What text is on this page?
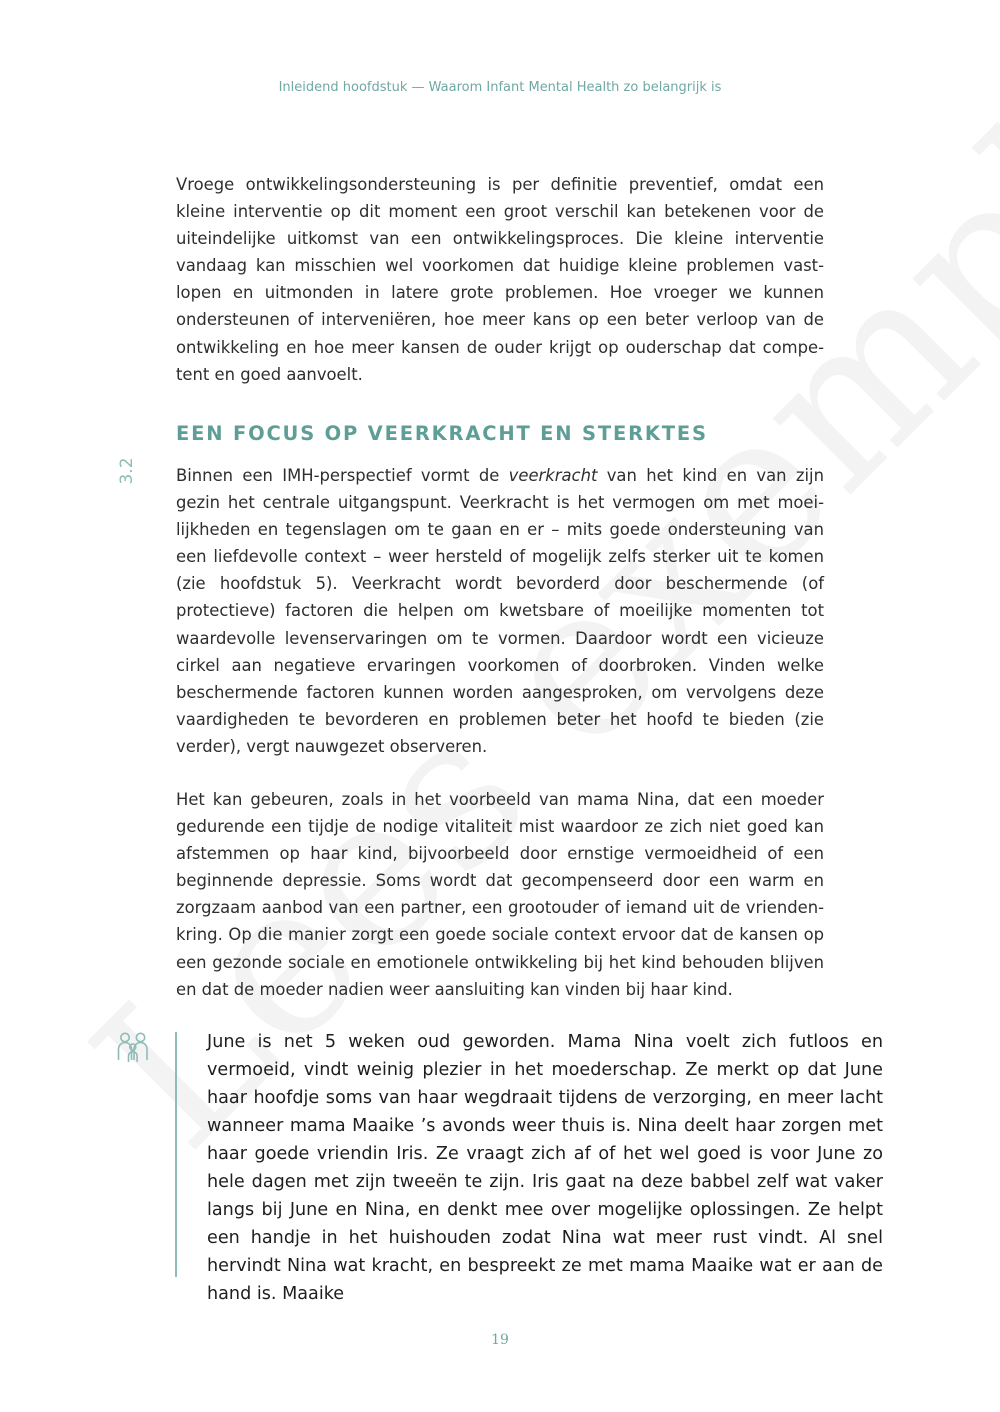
Inleidend hoofdstuk — Waarom Infant Mental Health zo belangrijk is

Vroege ontwikkelingsondersteuning is per definitie preventief, omdat een kleine interventie op dit moment een groot verschil kan betekenen voor de uiteindelijke uitkomst van een ontwikkelingsproces. Die kleine interventie vandaag kan misschien wel voorkomen dat huidige kleine problemen vast-lopen en uitmonden in latere grote problemen. Hoe vroeger we kunnen ondersteunen of interveniëren, hoe meer kans op een beter verloop van de ontwikkeling en hoe meer kansen de ouder krijgt op ouderschap dat compe-tent en goed aanvoelt.

3.2
EEN FOCUS OP VEERKRACHT EN STERKTES

Binnen een IMH-perspectief vormt de veerkracht van het kind en van zijn gezin het centrale uitgangspunt. Veerkracht is het vermogen om met moei-lijkheden en tegenslagen om te gaan en er – mits goede ondersteuning van een liefdevolle context – weer hersteld of mogelijk zelfs sterker uit te komen (zie hoofdstuk 5). Veerkracht wordt bevorderd door beschermende (of protectieve) factoren die helpen om kwetsbare of moeilijke momenten tot waardevolle levenservaringen om te vormen. Daardoor wordt een vicieuze cirkel aan negatieve ervaringen voorkomen of doorbroken. Vinden welke beschermende factoren kunnen worden aangesproken, om vervolgens deze vaardigheden te bevorderen en problemen beter het hoofd te bieden (zie verder), vergt nauwgezet observeren.

Het kan gebeuren, zoals in het voorbeeld van mama Nina, dat een moeder gedurende een tijdje de nodige vitaliteit mist waardoor ze zich niet goed kan afstemmen op haar kind, bijvoorbeeld door ernstige vermoeidheid of een beginnende depressie. Soms wordt dat gecompenseerd door een warm en zorgzaam aanbod van een partner, een grootouder of iemand uit de vrienden-kring. Op die manier zorgt een goede sociale context ervoor dat de kansen op een gezonde sociale en emotionele ontwikkeling bij het kind behouden blijven en dat de moeder nadien weer aansluiting kan vinden bij haar kind.

June is net 5 weken oud geworden. Mama Nina voelt zich futloos en vermoeid, vindt weinig plezier in het moederschap. Ze merkt op dat June haar hoofdje soms van haar wegdraait tijdens de verzorging, en meer lacht wanneer mama Maaike ’s avonds weer thuis is. Nina deelt haar zorgen met haar goede vriendin Iris. Ze vraagt zich af of het wel goed is voor June zo hele dagen met zijn tweeën te zijn. Iris gaat na deze babbel zelf wat vaker langs bij June en Nina, en denkt mee over mogelijke oplossingen. Ze helpt een handje in het huishouden zodat Nina wat meer rust vindt. Al snel hervindt Nina wat kracht, en bespreekt ze met mama Maaike wat er aan de hand is. Maaike

19
